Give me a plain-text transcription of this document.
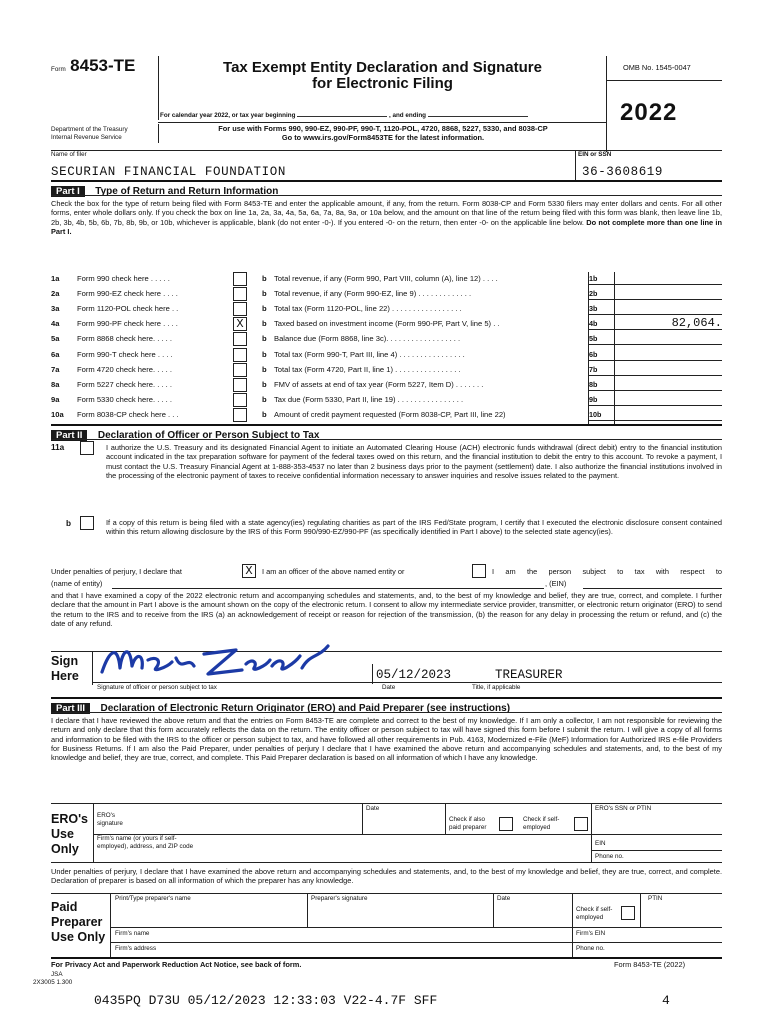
Form 8453-TE	Tax Exempt Entity Declaration and Signature
for Electronic Filing
OMB No. 1545-0047
2022
For calendar year 2022, or tax year beginning	, and ending
Department of the Treasury
Internal Revenue Service
For use with Forms 990, 990-EZ, 990-PF, 990-T, 1120-POL, 4720, 8868, 5227, 5330, and 8038-CP
Go to www.irs.gov/Form8453TE for the latest information.
Name of filer	EIN or SSN
SECURIAN FINANCIAL FOUNDATION	36-3608619
Part I Type of Return and Return Information

Check the box for the type of return being filed with Form 8453-TE and enter the applicable amount, if any, from the return. Form 8038-CP and Form 5330 filers may enter dollars and cents. For all other forms, enter whole dollars only. If you check the box on line 1a, 2a, 3a, 4a, 5a, 6a, 7a, 8a, 9a, or 10a below, and the amount on that line of the return being filed with this form was blank, then leave line 1b, 2b, 3b, 4b, 5b, 6b, 7b, 8b, 9b, or 10b, whichever is applicable, blank (do not enter -0-). If you entered -0- on the return, then enter -0- on the applicable line below. Do not complete more than one line in Part I.

1a Form 990 check here . . . . .	b Total revenue, if any (Form 990, Part VIII, column (A), line 12) . . . .	1b
2a Form 990-EZ check here . . . .	b Total revenue, if any (Form 990-EZ, line 9) . . . . . . . . . . . . .	2b
3a Form 1120-POL check here . .	b Total tax (Form 1120-POL, line 22) . . . . . . . . . . . . . . . . .	3b
4a Form 990-PF check here . . . .	X	b Taxed based on investment income (Form 990-PF, Part V, line 5) . .	4b	82,064.
5a Form 8868 check here. . . . .	b Balance due (Form 8868, line 3c). . . . . . . . . . . . . . . . . .	5b
6a Form 990-T check here . . . .	b Total tax (Form 990-T, Part III, line 4) . . . . . . . . . . . . . . . .	6b
7a Form 4720 check here. . . . .	b Total tax (Form 4720, Part II, line 1) . . . . . . . . . . . . . . . .	7b
8a Form 5227 check here. . . . .	b FMV of assets at end of tax year (Form 5227, Item D) . . . . . . .	8b
9a Form 5330 check here. . . . .	b Tax due (Form 5330, Part II, line 19) . . . . . . . . . . . . . . . .	9b
10a Form 8038-CP check here . . .	b Amount of credit payment requested (Form 8038-CP, Part III, line 22)	10b
Part II Declaration of Officer or Person Subject to Tax
11a	I authorize the U.S. Treasury and its designated Financial Agent to initiate an Automated Clearing House (ACH) electronic funds withdrawal (direct debit) entry to the financial institution account indicated in the tax preparation software for payment of the federal taxes owed on this return, and the financial institution to debit the entry to this account. To revoke a payment, I must contact the U.S. Treasury Financial Agent at 1-888-353-4537 no later than 2 business days prior to the payment (settlement) date. I also authorize the financial institutions involved in the processing of the electronic payment of taxes to receive confidential information necessary to answer inquiries and resolve issues related to the payment.

b	If a copy of this return is being filed with a state agency(ies) regulating charities as part of the IRS Fed/State program, I certify that I executed the electronic disclosure consent contained within this return allowing disclosure by the IRS of this Form 990/990-EZ/990-PF (as specifically identified in Part I above) to the selected state agency(ies).

Under penalties of perjury, I declare that	X	I am an officer of the above named entity or	I am the person subject to tax with respect to
(name of entity)	, (EIN)

and that I have examined a copy of the 2022 electronic return and accompanying schedules and statements, and, to the best of my knowledge and belief, they are true, correct, and complete. I further declare that the amount in Part I above is the amount shown on the copy of the electronic return. I consent to allow my intermediate service provider, transmitter, or electronic return originator (ERO) to send the return to the IRS and to receive from the IRS (a) an acknowledgement of receipt or reason for rejection of the transmission, (b) the reason for any delay in processing the return or refund, and (c) the date of any refund.

Sign
Here	05/12/2023	TREASURER
Signature of officer or person subject to tax	Date	Title, if applicable
Part III Declaration of Electronic Return Originator (ERO) and Paid Preparer (see instructions)

I declare that I have reviewed the above return and that the entries on Form 8453-TE are complete and correct to the best of my knowledge. If I am only a collector, I am not responsible for reviewing the return and only declare that this form accurately reflects the data on the return. The entity officer or person subject to tax will have signed this form before I submit the return. I will give a copy of all forms and information to be filed with the IRS to the officer or person subject to tax, and have followed all other requirements in Pub. 4163, Modernized e-File (MeF) Information for Authorized IRS e-file Providers for Business Returns. If I am also the Paid Preparer, under penalties of perjury I declare that I have examined the above return and accompanying schedules and statements, and, to the best of my knowledge and belief, they are true, correct, and complete. This Paid Preparer declaration is based on all information of which I have any knowledge.

ERO's
Use
Only
ERO's signature
Date
Check if also paid preparer
Check if self-employed
ERO's SSN or PTIN
Firm's name (or yours if self-employed), address, and ZIP code	EIN
Phone no.

Under penalties of perjury, I declare that I have examined the above return and accompanying schedules and statements, and, to the best of my knowledge and belief, they are true, correct, and complete. Declaration of preparer is based on all information of which the preparer has any knowledge.

Paid
Preparer
Use Only
Print/Type preparer's name	Preparer's signature	Date
Check if self-employed
PTIN
Firm's name	Firm's EIN
Firm's address	Phone no.
For Privacy Act and Paperwork Reduction Act Notice, see back of form.	Form 8453-TE (2022)
JSA
2X3005 1.300
0435PQ D73U 05/12/2023 12:33:03 V22-4.7F SFF	4
